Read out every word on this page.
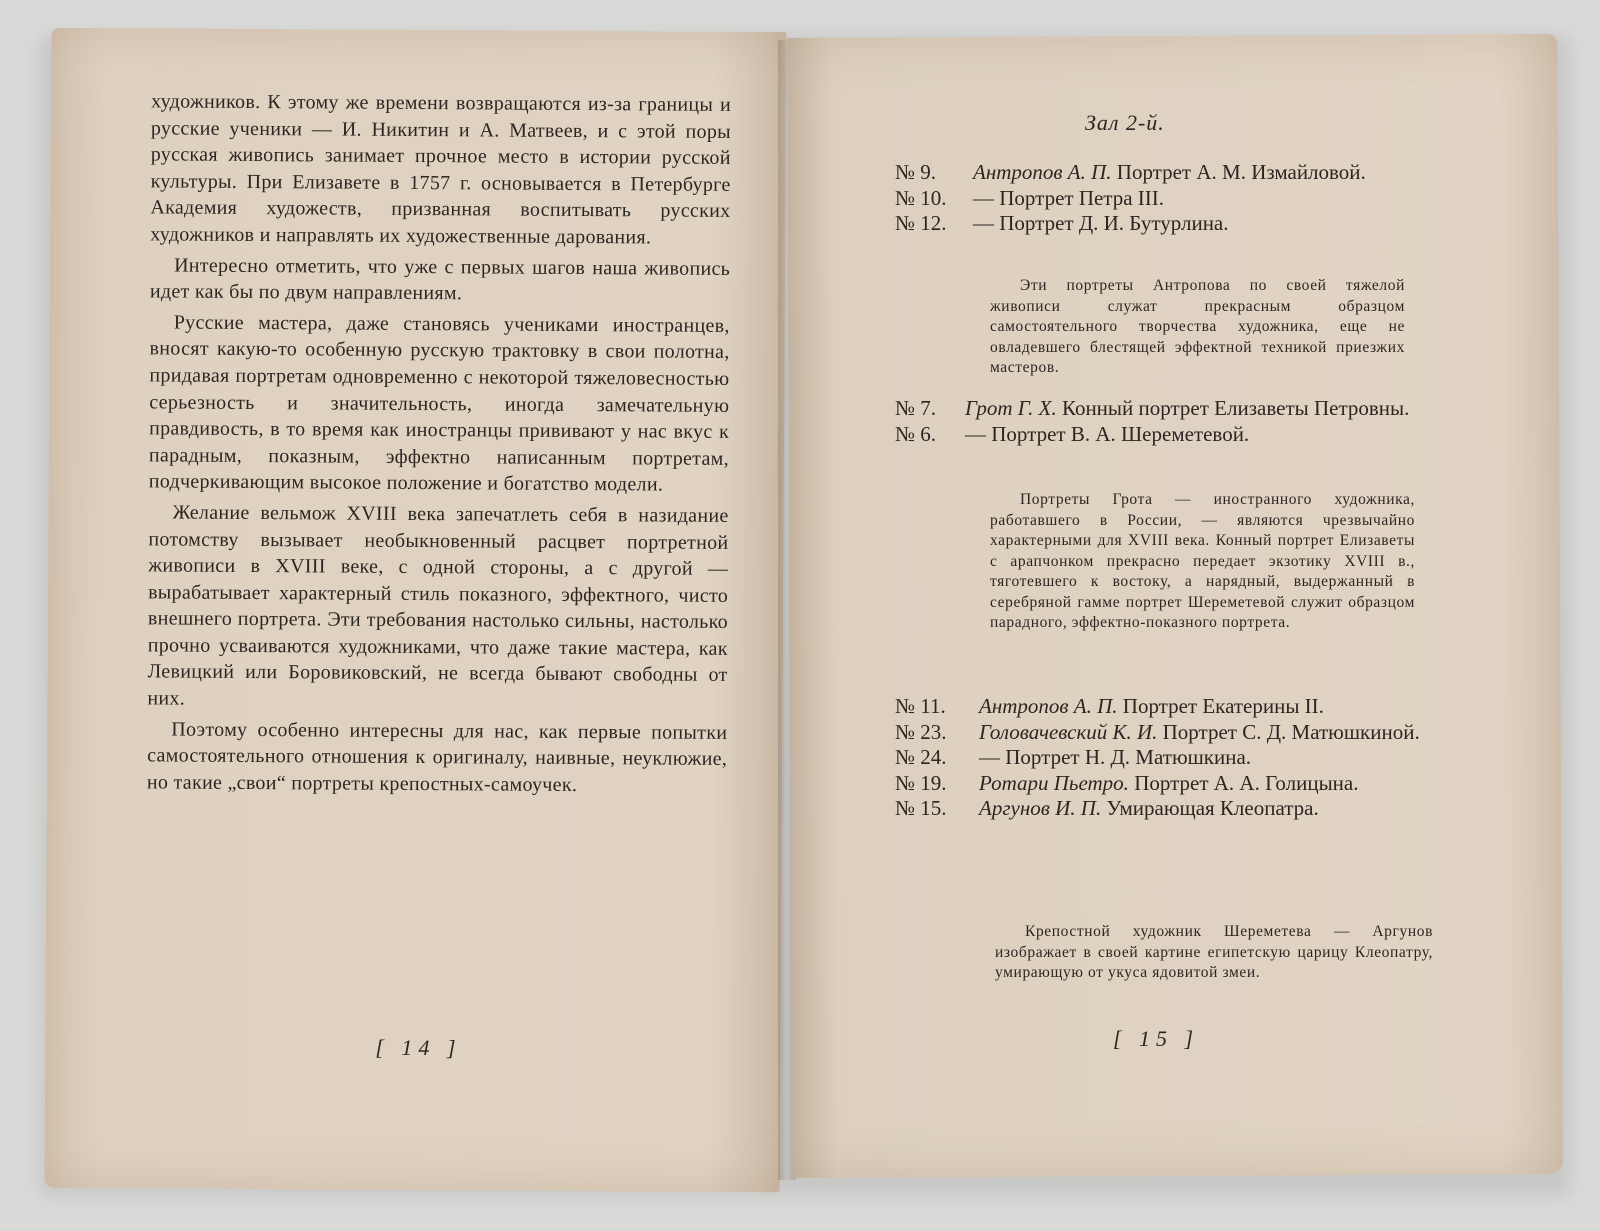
художников. К этому же времени возвращаются из-за границы и русские ученики — И. Никитин и А. Матвеев, и с этой поры русская живопись занимает прочное место в истории русской культуры. При Елизавете в 1757 г. основывается в Петербурге Академия художеств, призванная воспитывать русских художников и направлять их художественные дарования.

Интересно отметить, что уже с первых шагов наша живопись идет как бы по двум направлениям.

Русские мастера, даже становясь учениками иностранцев, вносят какую-то особенную русскую трактовку в свои полотна, придавая портретам одновременно с некоторой тяжеловесностью серьезность и значительность, иногда замечательную правдивость, в то время как иностранцы прививают у нас вкус к парадным, показным, эффектно написанным портретам, подчеркивающим высокое положение и богатство модели.

Желание вельмож XVIII века запечатлеть себя в назидание потомству вызывает необыкновенный расцвет портретной живописи в XVIII веке, с одной стороны, а с другой — вырабатывает характерный стиль показного, эффектного, чисто внешнего портрета. Эти требования настолько сильны, настолько прочно усваиваются художниками, что даже такие мастера, как Левицкий или Боровиковский, не всегда бывают свободны от них.

Поэтому особенно интересны для нас, как первые попытки самостоятельного отношения к оригиналу, наивные, неуклюжие, но такие „свои“ портреты крепостных-самоучек.

[ 14 ]
Зал 2-й.
№ 9.	Антропов А. П. Портрет А. М. Измайловой.
№ 10.	— Портрет Петра III.
№ 12.	— Портрет Д. И. Бутурлина.

Эти портреты Антропова по своей тяжелой живописи служат прекрасным образцом самостоятельного творчества художника, еще не овладевшего блестящей эффектной техникой приезжих мастеров.

№ 7.	Грот Г. Х. Конный портрет Елизаветы Петровны.
№ 6.	— Портрет В. А. Шереметевой.

Портреты Грота — иностранного художника, работавшего в России, — являются чрезвычайно характерными для XVIII века. Конный портрет Елизаветы с арапчонком прекрасно передает экзотику XVIII в., тяготевшего к востоку, а нарядный, выдержанный в серебряной гамме портрет Шереметевой служит образцом парадного, эффектно-показного портрета.

№ 11.	Антропов А. П. Портрет Екатерины II.
№ 23.	Головачевский К. И. Портрет С. Д. Матюшкиной.
№ 24.	— Портрет Н. Д. Матюшкина.
№ 19.	Ротари Пьетро. Портрет А. А. Голицына.
№ 15.	Аргунов И. П. Умирающая Клеопатра.

Крепостной художник Шереметева — Аргунов изображает в своей картине египетскую царицу Клеопатру, умирающую от укуса ядовитой змеи.

[ 15 ]
